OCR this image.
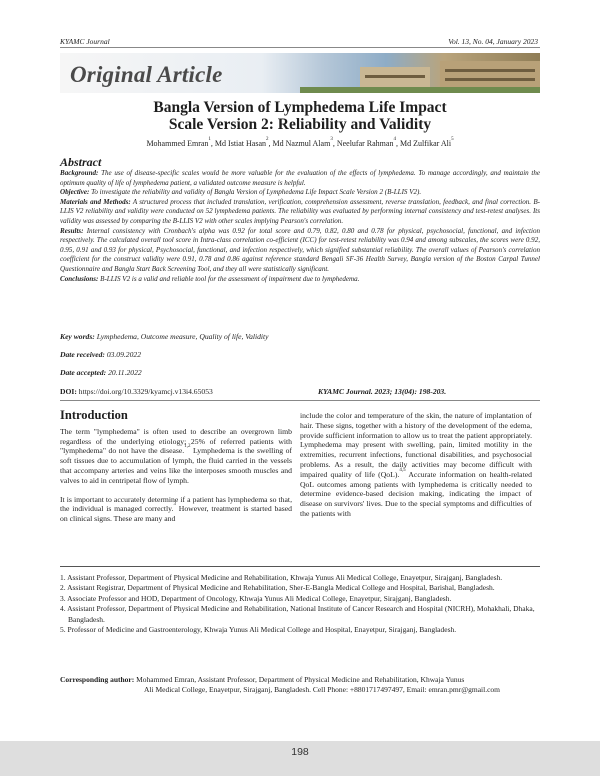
KYAMC Journal	Vol. 13, No. 04, January 2023
Original Article
Bangla Version of Lymphedema Life Impact
Scale Version 2: Reliability and Validity
Mohammed Emran$^1$, Md Istiat Hasan$^2$, Md Nazmul Alam$^3$, Neelufar Rahman$^4$, Md Zulfikar Ali$^5$
Abstract
Background: The use of disease-specific scales would be more valuable for the evaluation of the effects of lymphedema. To manage accordingly, and maintain the optimum quality of life of lymphedema patient, a validated outcome measure is helpful.
Objective: To investigate the reliability and validity of Bangla Version of Lymphedema Life Impact Scale Version 2 (B-LLIS V2).
Materials and Methods: A structured process that included translation, verification, comprehension assessment, reverse translation, feedback, and final correction. B-LLIS V2 reliability and validity were conducted on 52 lymphedema patients. The reliability was evaluated by performing internal consistency and test-retest analyses. Its validity was assessed by comparing the B-LLIS V2 with other scales implying Pearson's correlation.
Results: Internal consistency with Cronbach's alpha was 0.92 for total score and 0.79, 0.82, 0.80 and 0.78 for physical, psychosocial, functional, and infection respectively. The calculated overall tool score in Intra-class correlation co-efficient (ICC) for test-retest reliability was 0.94 and among subscales, the scores were 0.92, 0.95, 0.91 and 0.93 for physical, Psychosocial, functional, and infection respectively, which signified substantial reliability. The overall values of Pearson's correlation coefficient for the construct validity were 0.91, 0.78 and 0.86 against reference standard Bengali SF-36 Health Survey, Bangla version of the Boston Carpal Tunnel Questionnaire and Bangla Start Back Screening Tool, and they all were statistically significant.
Conclusions: B-LLIS V2 is a valid and reliable tool for the assessment of impairment due to lymphedema.
Key words: Lymphedema, Outcome measure, Quality of life, Validity
Date received: 03.09.2022
Date accepted: 20.11.2022
DOI: https://doi.org/10.3329/kyamcj.v13i4.65053	KYAMC Journal. 2023; 13(04): 198-203.
Introduction

The term "lymphedema" is often used to describe an overgrown limb regardless of the underlying etiology; 25% of referred patients with "lymphedema" do not have the disease.$^{1,2}$ Lymphedema is the swelling of soft tissues due to accumulation of lymph, the fluid carried in the vessels that accompany arteries and veins like the interposes smooth muscles and valves to aid in centripetal flow of lymph.

It is important to accurately determine if a patient has lymphedema so that, the individual is managed correctly.$^3$ However, treatment is started based on clinical signs. These are many and

include the color and temperature of the skin, the nature of implantation of hair. These signs, together with a history of the development of the edema, provide sufficient information to allow us to treat the patient appropriately. Lymphedema may present with swelling, pain, limited motility in the extremities, recurrent infections, functional disabilities, and psychosocial problems. As a result, the daily activities may become difficult with impaired quality of life (QoL).$^{4,5}$ Accurate information on health-related QoL outcomes among patients with lymphedema is critically needed to determine evidence-based decision making, indicating the impact of disease on survivors' lives. Due to the special symptoms and difficulties of the patients with

1. Assistant Professor, Department of Physical Medicine and Rehabilitation, Khwaja Yunus Ali Medical College, Enayetpur, Sirajganj, Bangladesh.
2. Assistant Registrar, Department of Physical Medicine and Rehabilitation, Sher-E-Bangla Medical College and Hospital, Barishal, Bangladesh.
3. Associate Professor and HOD, Department of Oncology, Khwaja Yunus Ali Medical College, Enayetpur, Sirajganj, Bangladesh.
4. Assistant Professor, Department of Physical Medicine and Rehabilitation, National Institute of Cancer Research and Hospital (NICRH), Mohakhali, Dhaka, Bangladesh.
5. Professor of Medicine and Gastroenterology, Khwaja Yunus Ali Medical College and Hospital, Enayetpur, Sirajganj, Bangladesh.
Corresponding author: Mohammed Emran, Assistant Professor, Department of Physical Medicine and Rehabilitation, Khwaja Yunus
Ali Medical College, Enayetpur, Sirajganj, Bangladesh. Cell Phone: +8801717497497, Email: emran.pmr@gmail.com
198
